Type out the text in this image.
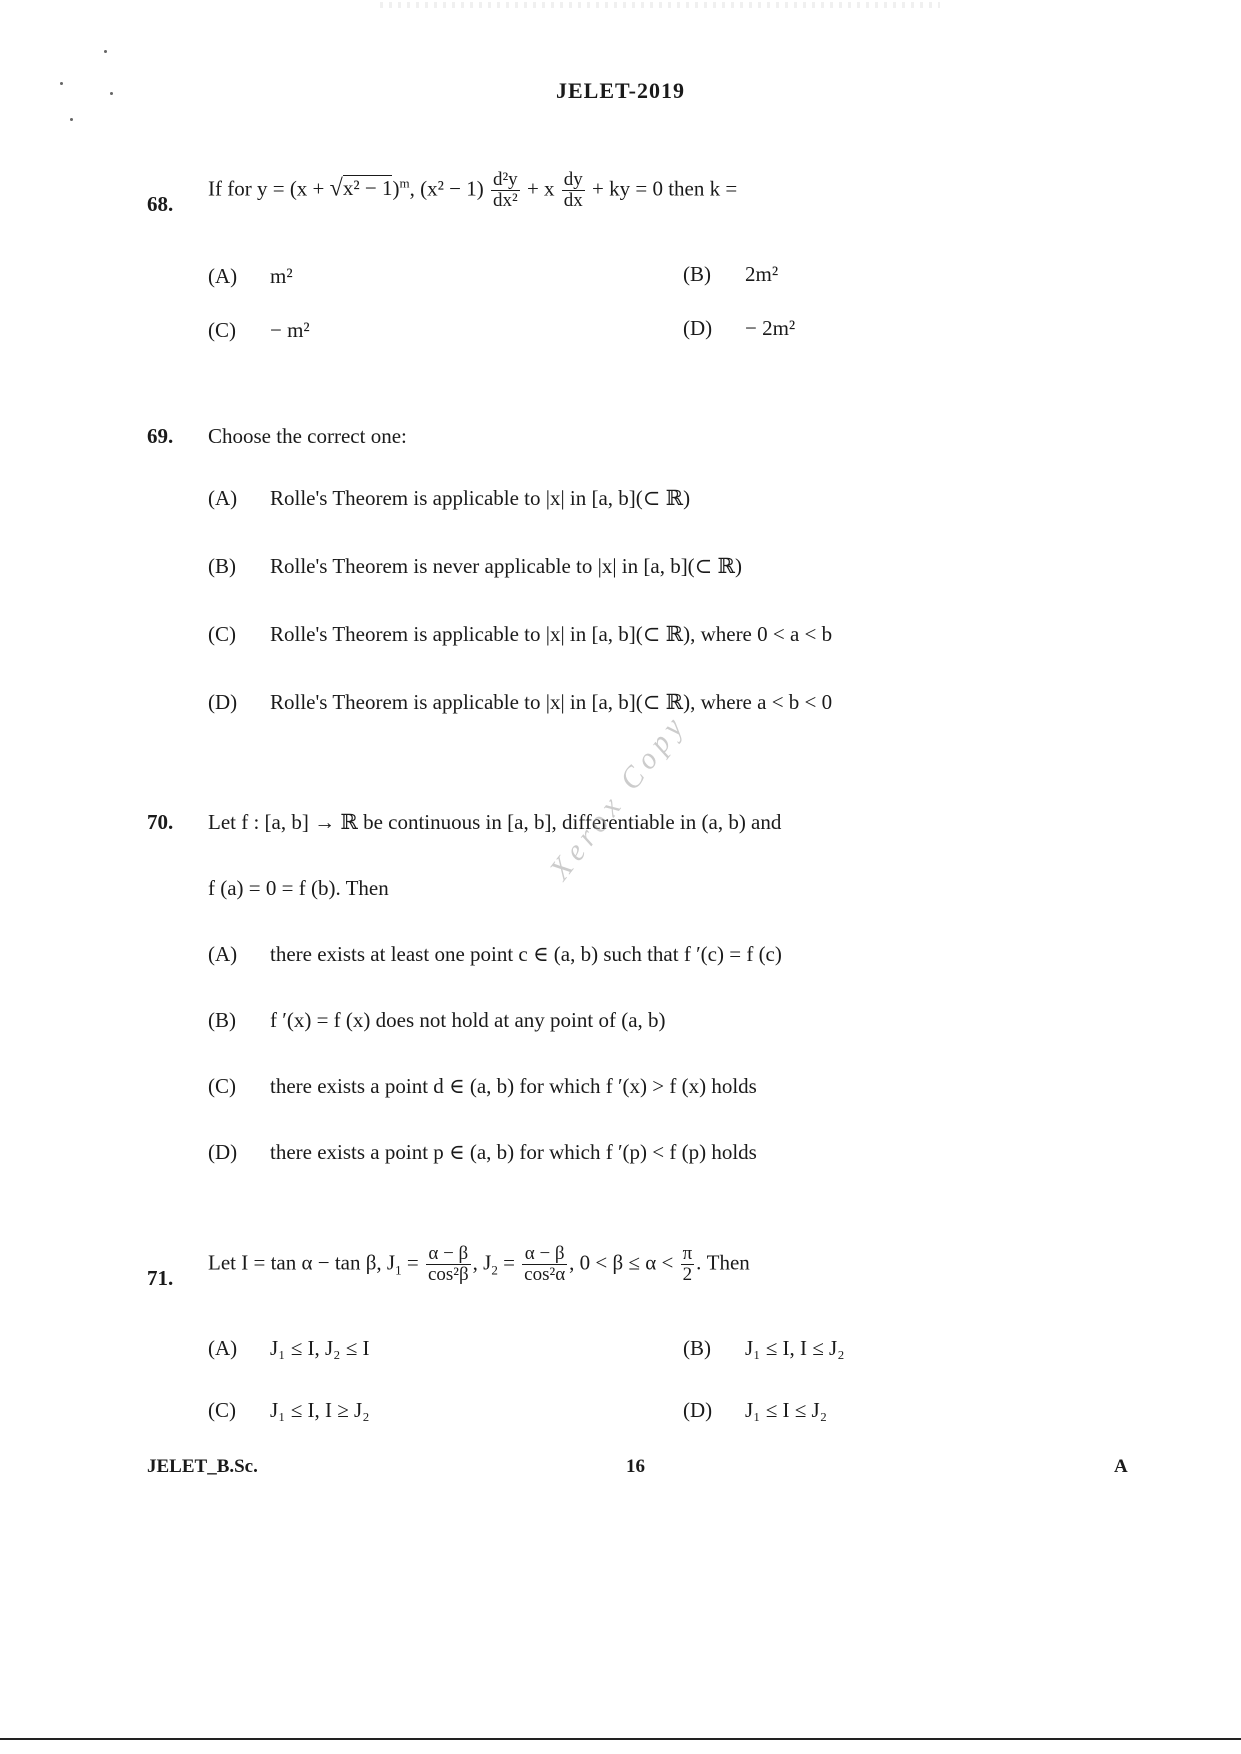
JELET-2019
68.
If for $y = (x + √x^2 - 1)^m$, $(x^2 - 1) \frac{\text{d²y}}{\text{dx²}} + x \frac{dy}{dx}$ + ky = 0 then k =
(A) m²	(B) 2m²
(C) − m²	(D) − 2m²
69. Choose the correct one:
(A) Rolle's Theorem is applicable to |x| in [a, b](⊂ ℝ)
(B) Rolle's Theorem is never applicable to |x| in [a, b](⊂ ℝ)
(C) Rolle's Theorem is applicable to |x| in [a, b](⊂ ℝ), where 0 < a < b
(D) Rolle's Theorem is applicable to |x| in [a, b](⊂ ℝ), where a < b < 0
70. Let f : [a, b] → ℝ be continuous in [a, b], differentiable in (a, b) and
f (a) = 0 = f (b). Then
(A) there exists at least one point c ∈ (a, b) such that f ′(c) = f (c)
(B) f ′(x) = f (x) does not hold at any point of (a, b)
(C) there exists a point d ∈ (a, b) for which f ′(x) > f (x) holds
(D) there exists a point p ∈ (a, b) for which f ′(p) < f (p) holds
71.
Let I = tan α − tan β, $J_1 = \frac{\alpha - \beta}{\text{cos²β}}$ , $J_2 = \frac{\alpha - \beta}{\text{cos²α}}$ , $0 < \beta \le \alpha < \frac{\pi}{2}$ . Then
(A) J₁ ≤ I, J₂ ≤ I	(B) J₁ ≤ I, I ≤ J₂
(C) J₁ ≤ I, I ≥ J₂	(D) J₁ ≤ I ≤ J₂
Xerox Copy
JELET_B.Sc.	16	A
